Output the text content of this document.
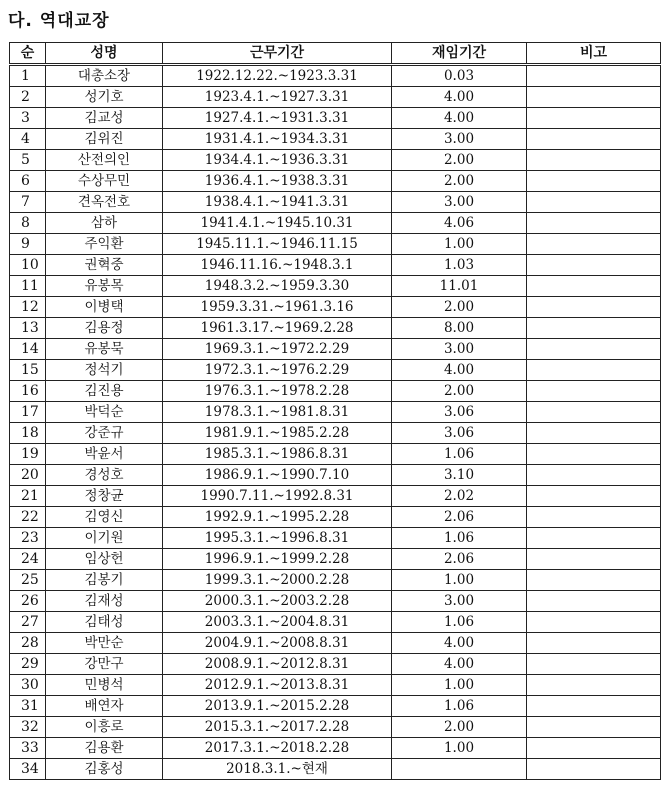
다. 역대교장
순	성명	근무기간	재임기간	비고
1	대총소장	1922.12.22.~1923.3.31	0.03	
2	성기호	1923.4.1.~1927.3.31	4.00	
3	김교성	1927.4.1.~1931.3.31	4.00	
4	김위진	1931.4.1.~1934.3.31	3.00	
5	산전의인	1934.4.1.~1936.3.31	2.00	
6	수상무민	1936.4.1.~1938.3.31	2.00	
7	견옥전호	1938.4.1.~1941.3.31	3.00	
8	삼하	1941.4.1.~1945.10.31	4.06	
9	주익환	1945.11.1.~1946.11.15	1.00	
10	권혁중	1946.11.16.~1948.3.1	1.03	
11	유봉목	1948.3.2.~1959.3.30	11.01	
12	이병택	1959.3.31.~1961.3.16	2.00	
13	김용정	1961.3.17.~1969.2.28	8.00	
14	유봉묵	1969.3.1.~1972.2.29	3.00	
15	정석기	1972.3.1.~1976.2.29	4.00	
16	김진용	1976.3.1.~1978.2.28	2.00	
17	박덕순	1978.3.1.~1981.8.31	3.06	
18	강준규	1981.9.1.~1985.2.28	3.06	
19	박윤서	1985.3.1.~1986.8.31	1.06	
20	경성호	1986.9.1.~1990.7.10	3.10	
21	정창균	1990.7.11.~1992.8.31	2.02	
22	김영신	1992.9.1.~1995.2.28	2.06	
23	이기원	1995.3.1.~1996.8.31	1.06	
24	임상헌	1996.9.1.~1999.2.28	2.06	
25	김봉기	1999.3.1.~2000.2.28	1.00	
26	김재성	2000.3.1.~2003.2.28	3.00	
27	김태성	2003.3.1.~2004.8.31	1.06	
28	박만순	2004.9.1.~2008.8.31	4.00	
29	강만구	2008.9.1.~2012.8.31	4.00	
30	민병석	2012.9.1.~2013.8.31	1.00	
31	배연자	2013.9.1.~2015.2.28	1.06	
32	이흥로	2015.3.1.~2017.2.28	2.00	
33	김용환	2017.3.1.~2018.2.28	1.00	
34	김홍성	2018.3.1.~현재		
